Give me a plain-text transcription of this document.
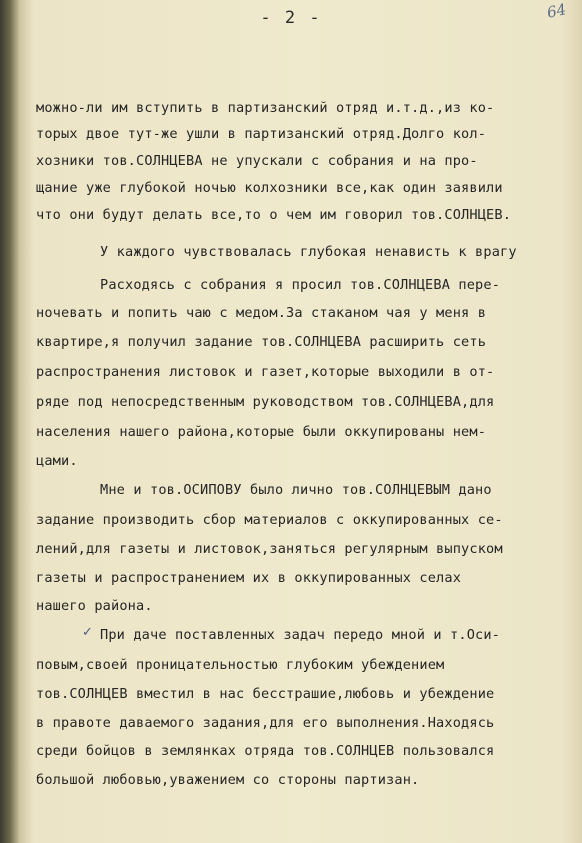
- 2 -	64
✓
можно-ли им вступить в партизанский отряд и.т.д.,из ко-
торых двое тут-же ушли в партизанский отряд.Долго кол-
хозники тов.СОЛНЦЕВА не упускали с собрания и на про-
щание уже глубокой ночью колхозники все,как один заявили
что они будут делать все,то о чем им говорил тов.СОЛНЦЕВ.
У каждого чувствовалась глубокая ненависть к врагу
Расходясь с собрания я просил тов.СОЛНЦЕВА пере-
ночевать и попить чаю с медом.За стаканом чая у меня в
квартире,я получил задание тов.СОЛНЦЕВА расширить сеть
распространения листовок и газет,которые выходили в от-
ряде под непосредственным руководством тов.СОЛНЦЕВА,для
населения нашего района,которые были оккупированы нем-
цами.
Мне и тов.ОСИПОВУ было лично тов.СОЛНЦЕВЫМ дано
задание производить сбор материалов с оккупированных се-
лений,для газеты и листовок,заняться регулярным выпуском
газеты и распространением их в оккупированных селах
нашего района.
При даче поставленных задач передо мной и т.Оси-
повым,своей проницательностью глубоким убеждением
тов.СОЛНЦЕВ вместил в нас бесстрашие,любовь и убеждение
в правоте даваемого задания,для его выполнения.Находясь
среди бойцов в землянках отряда тов.СОЛНЦЕВ пользовался
большой любовью,уважением со стороны партизан.
